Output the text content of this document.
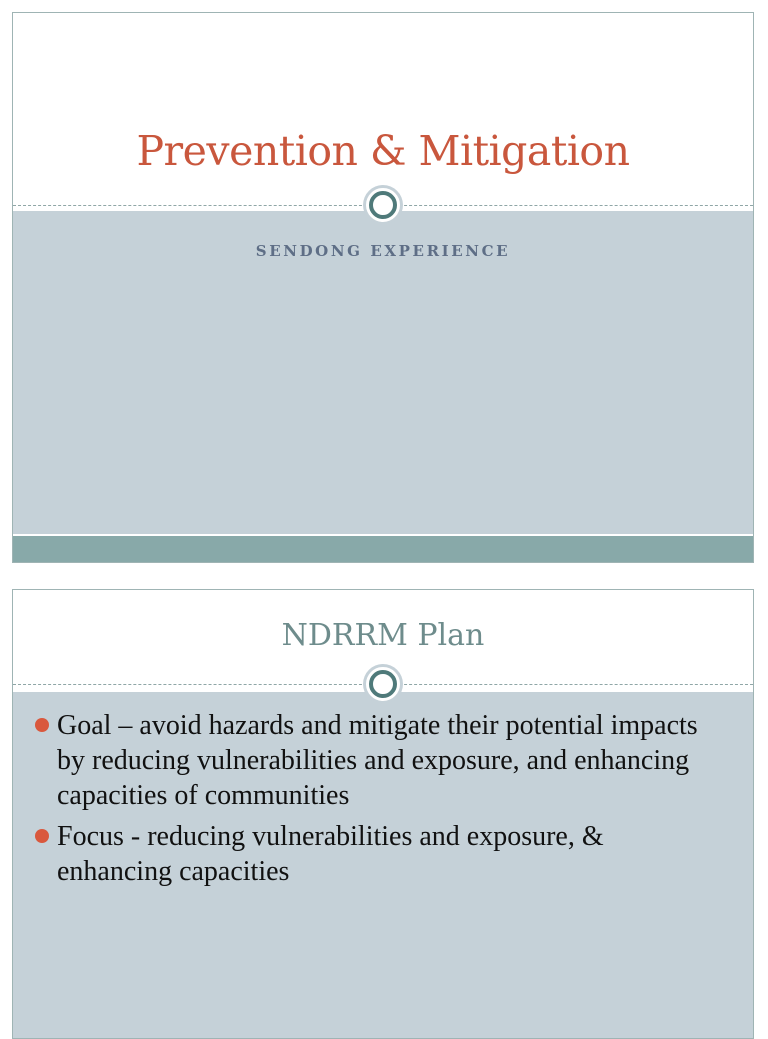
Prevention & Mitigation
SENDONG EXPERIENCE
NDRRM Plan
Goal – avoid hazards and mitigate their potential impacts by reducing vulnerabilities and exposure, and enhancing capacities of communities
Focus - reducing vulnerabilities and exposure, & enhancing capacities
